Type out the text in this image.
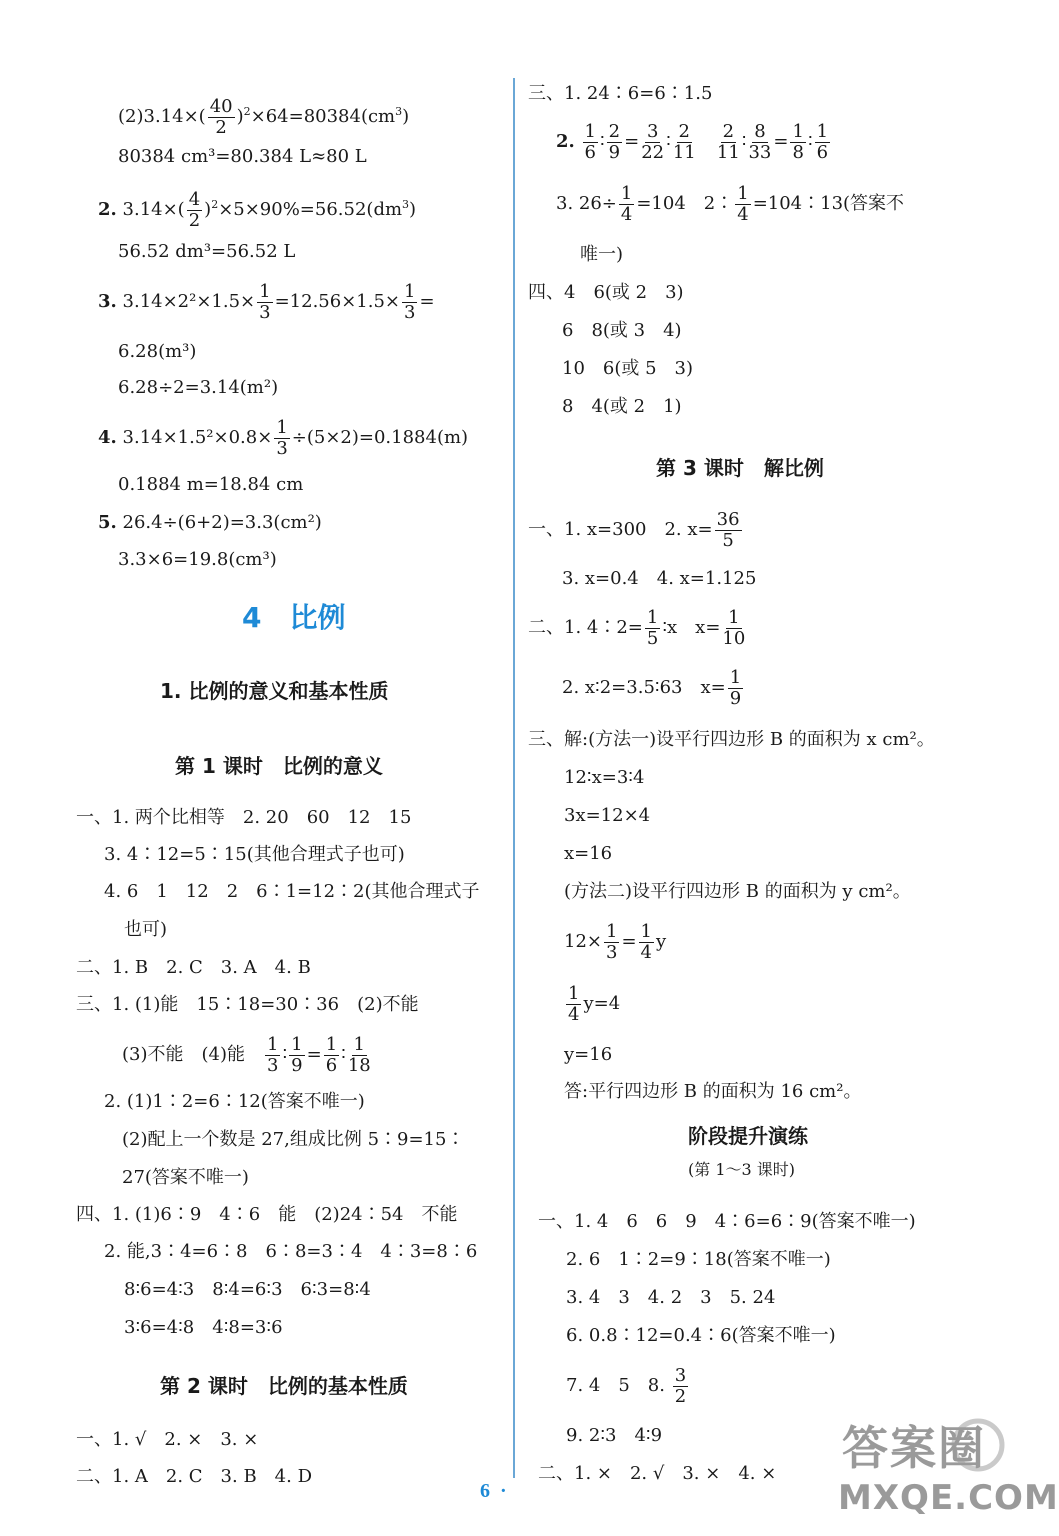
$(2)3.14\times( \frac{40}{2} )^2\times 64=80384(cm^3)$
80384 cm³=80.384 L≈80 L
2. $3.14\times( \frac{4}{2} )^2\times 5\times 90\%=56.52(dm^3)$
56.52 dm³=56.52 L
3. $3.14\times 2^2\times 1.5\times \frac{1}{3} =12.56\times 1.5\times \frac{1}{3}$ =
6.28(m³)
6.28÷2=3.14(m²)
4. $3.14\times 1.5^2\times 0.8\times \frac{1}{3} \div(5\times 2)=0.1884(m)$
0.1884 m=18.84 cm
5. 26.4÷(6+2)=3.3(cm²)
3.3×6=19.8(cm³)
4　比例
1. 比例的意义和基本性质
第 1 课时　比例的意义
一、1. 两个比相等　2. 20　60　12　15
3. 4∶12=5∶15(其他合理式子也可)
4. 6　1　12　2　6∶1=12∶2(其他合理式子
也可)
二、1. B　2. C　3. A　4. B
三、1. (1)能　15∶18=30∶36　(2)不能
(3)不能　(4)能　 $\frac{1}{3}$ ∶ $\frac{1}{9} = \frac{1}{6}$ ∶ $\frac{1}{18}$
2. (1)1∶2=6∶12(答案不唯一)
(2)配上一个数是 27,组成比例 5∶9=15∶
27(答案不唯一)
四、1. (1)6∶9　4∶6　能　(2)24∶54　不能
2. 能,3∶4=6∶8　6∶8=3∶4　4∶3=8∶6
8∶6=4∶3　8∶4=6∶3　6∶3=8∶4
3∶6=4∶8　4∶8=3∶6
第 2 课时　比例的基本性质
一、1. √　2. ×　3. ×
二、1. A　2. C　3. B　4. D
三、1. 24∶6=6∶1.5
2. $\frac{1}{6}$ ∶ $\frac{2}{9} = \frac{3}{22}$ ∶ $\frac{2}{11}$
$\frac{2}{11}$ ∶ $\frac{8}{33} = \frac{1}{8}$ ∶ $\frac{1}{6}$
3. $26\div \frac{1}{4} =104$　2∶ $\frac{1}{4}$ =104∶13(答案不
唯一)
四、4　6(或 2　3)
6　8(或 3　4)
10　6(或 5　3)
8　4(或 2　1)
第 3 课时　解比例
一、1. x=300　2. $x= \frac{36}{5}$
3. x=0.4　4. x=1.125
二、1. 4∶2= $\frac{1}{5}$ ∶x　$x= \frac{1}{10}$
2. x∶2=3.5∶63　$x= \frac{1}{9}$
三、解:(方法一)设平行四边形 B 的面积为 x cm²。
12∶x=3∶4
3x=12×4
x=16
(方法二)设平行四边形 B 的面积为 y cm²。
$12\times \frac{1}{3} = \frac{1}{4}$ y
$\frac{1}{4} y=4$
y=16
答:平行四边形 B 的面积为 16 cm²。
阶段提升演练
(第 1～3 课时)
一、1. 4　6　6　9　4∶6=6∶9(答案不唯一)
2. 6　1∶2=9∶18(答案不唯一)
3. 4　3　4. 2　3　5. 24
6. 0.8∶12=0.4∶6(答案不唯一)
7. 4　5　8. $\frac{3}{2}$
9. 2∶3　4∶9
二、1. ×　2. √　3. ×　4. ×
6 ·
答案圈
MXQE.COM
